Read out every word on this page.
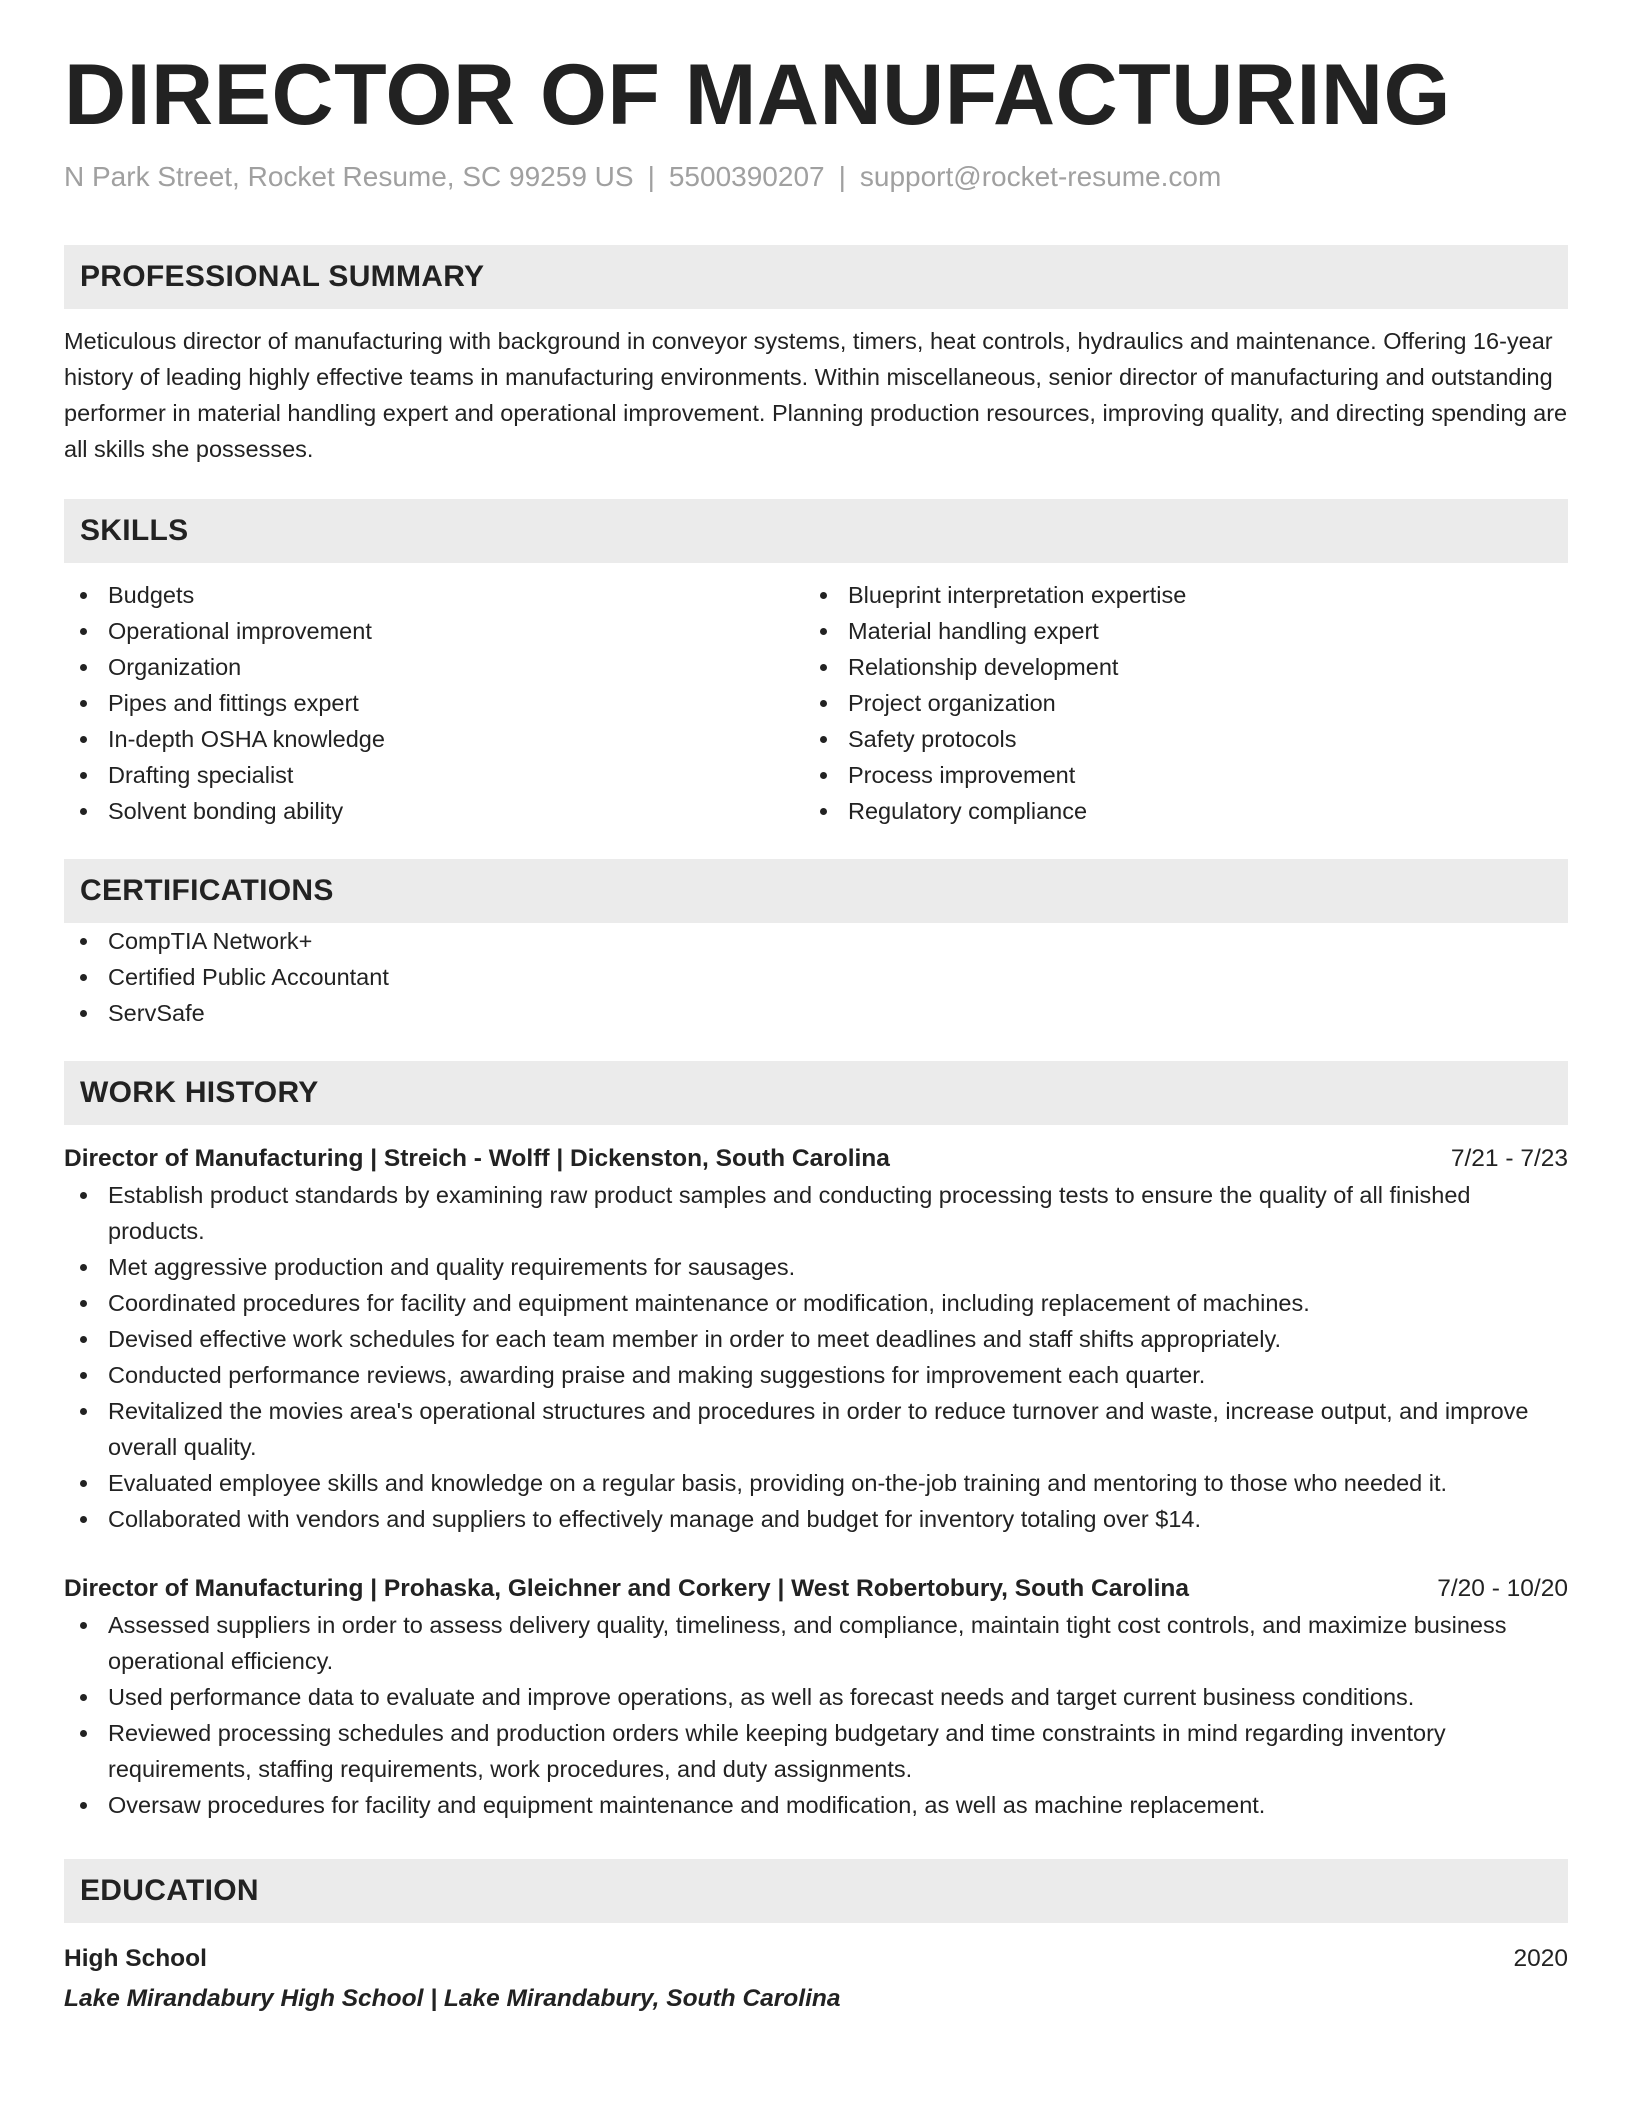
DIRECTOR OF MANUFACTURING
N Park Street, Rocket Resume, SC 99259 US | 5500390207 | support@rocket-resume.com
PROFESSIONAL SUMMARY
Meticulous director of manufacturing with background in conveyor systems, timers, heat controls, hydraulics and maintenance. Offering 16-year history of leading highly effective teams in manufacturing environments. Within miscellaneous, senior director of manufacturing and outstanding performer in material handling expert and operational improvement. Planning production resources, improving quality, and directing spending are all skills she possesses.
SKILLS
Budgets
Operational improvement
Organization
Pipes and fittings expert
In-depth OSHA knowledge
Drafting specialist
Solvent bonding ability
Blueprint interpretation expertise
Material handling expert
Relationship development
Project organization
Safety protocols
Process improvement
Regulatory compliance
CERTIFICATIONS
CompTIA Network+
Certified Public Accountant
ServSafe
WORK HISTORY
Director of Manufacturing | Streich - Wolff | Dickenston, South Carolina	7/21 - 7/23
Establish product standards by examining raw product samples and conducting processing tests to ensure the quality of all finished products.
Met aggressive production and quality requirements for sausages.
Coordinated procedures for facility and equipment maintenance or modification, including replacement of machines.
Devised effective work schedules for each team member in order to meet deadlines and staff shifts appropriately.
Conducted performance reviews, awarding praise and making suggestions for improvement each quarter.
Revitalized the movies area's operational structures and procedures in order to reduce turnover and waste, increase output, and improve overall quality.
Evaluated employee skills and knowledge on a regular basis, providing on-the-job training and mentoring to those who needed it.
Collaborated with vendors and suppliers to effectively manage and budget for inventory totaling over $14.
Director of Manufacturing | Prohaska, Gleichner and Corkery | West Robertobury, South Carolina	7/20 - 10/20
Assessed suppliers in order to assess delivery quality, timeliness, and compliance, maintain tight cost controls, and maximize business operational efficiency.
Used performance data to evaluate and improve operations, as well as forecast needs and target current business conditions.
Reviewed processing schedules and production orders while keeping budgetary and time constraints in mind regarding inventory requirements, staffing requirements, work procedures, and duty assignments.
Oversaw procedures for facility and equipment maintenance and modification, as well as machine replacement.
EDUCATION
High School	2020
Lake Mirandabury High School | Lake Mirandabury, South Carolina
